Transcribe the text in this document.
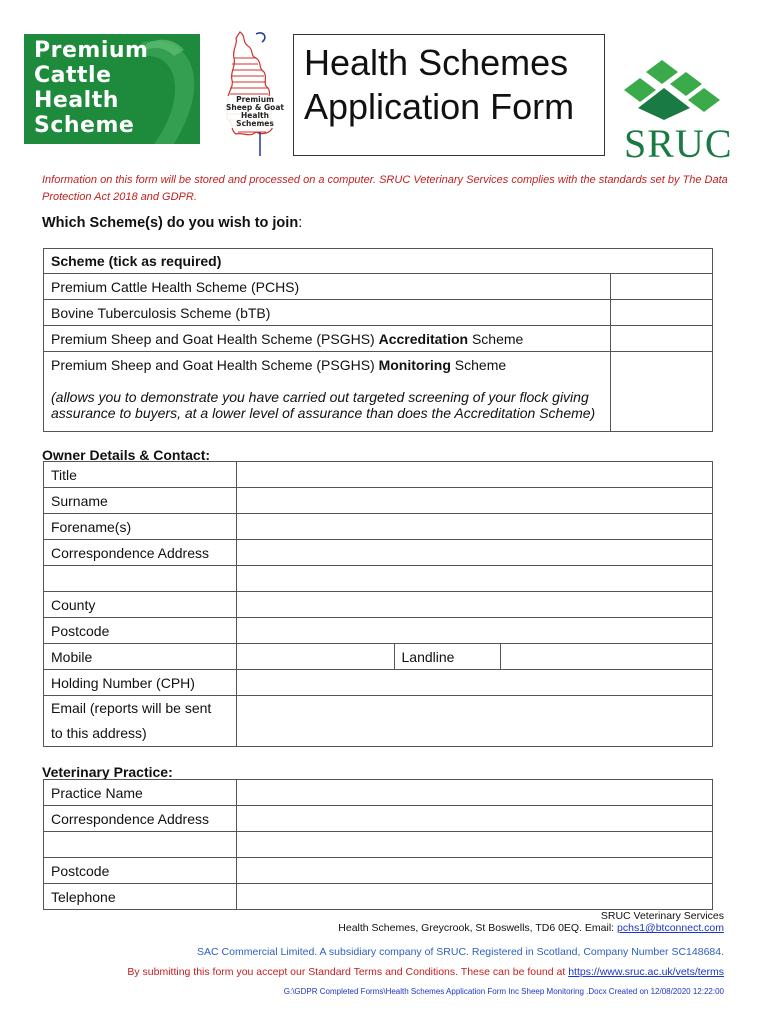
Premium
Cattle
Health
Scheme
Premium
Sheep & Goat
Health Schemes
Health Schemes
Application Form
SRUC
Information on this form will be stored and processed on a computer. SRUC Veterinary Services complies with the standards set by The Data Protection Act 2018 and GDPR.
Which Scheme(s) do you wish to join:
Scheme (tick as required)	
Premium Cattle Health Scheme (PCHS)	
Bovine Tuberculosis Scheme (bTB)	
Premium Sheep and Goat Health Scheme (PSGHS) Accreditation Scheme	
Premium Sheep and Goat Health Scheme (PSGHS) Monitoring Scheme	
(allows you to demonstrate you have carried out targeted screening of your flock giving assurance to buyers, at a lower level of assurance than does the Accreditation Scheme)	
Owner Details & Contact:
Title			
Surname			
Forename(s)			
Correspondence Address			

County			
Postcode			
Mobile		Landline	
Holding Number (CPH)			

Email (reports will be sent
to this address)			

Veterinary Practice:
Practice Name	
Correspondence Address	

Postcode	
Telephone	
SRUC Veterinary Services
Health Schemes, Greycrook, St Boswells, TD6 0EQ. Email: pchs1@btconnect.com
SAC Commercial Limited. A subsidiary company of SRUC. Registered in Scotland, Company Number SC148684.
By submitting this form you accept our Standard Terms and Conditions. These can be found at https://www.sruc.ac.uk/vets/terms
G:\GDPR Completed Forms\Health Schemes Application Form Inc Sheep Monitoring .Docx Created on 12/08/2020 12:22:00
